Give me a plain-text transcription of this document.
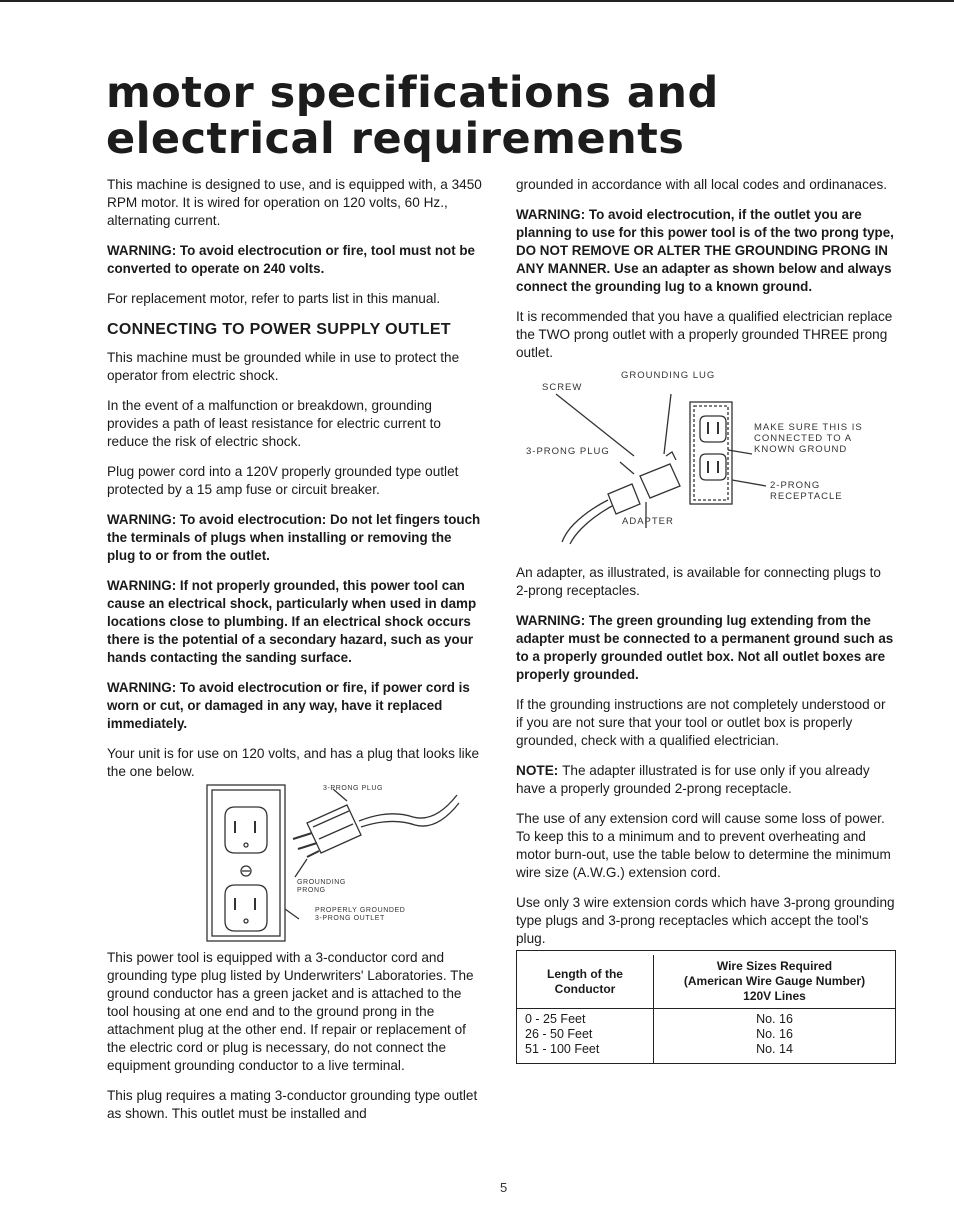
motor specifications and electrical requirements

This machine is designed to use, and is equipped with, a 3450 RPM motor. It is wired for operation on 120 volts, 60 Hz., alternating current.

WARNING: To avoid electrocution or fire, tool must not be converted to operate on 240 volts.

For replacement motor, refer to parts list in this manual.

CONNECTING TO POWER SUPPLY OUTLET

This machine must be grounded while in use to protect the operator from electric shock.

In the event of a malfunction or breakdown, grounding provides a path of least resistance for electric current to reduce the risk of electric shock.

Plug power cord into a 120V properly grounded type outlet protected by a 15 amp fuse or circuit breaker.

WARNING: To avoid electrocution: Do not let fingers touch the terminals of plugs when installing or removing the plug to or from the outlet.

WARNING: If not properly grounded, this power tool can cause an electrical shock, particularly when used in damp locations close to plumbing. If an electrical shock occurs there is the potential of a secondary hazard, such as your hands contacting the sanding surface.

WARNING: To avoid electrocution or fire, if power cord is worn or cut, or damaged in any way, have it replaced immediately.

Your unit is for use on 120 volts, and has a plug that looks like the one below.

3-PRONG PLUG
GROUNDING PRONG
PROPERLY GROUNDED 3-PRONG OUTLET

This power tool is equipped with a 3-conductor cord and grounding type plug listed by Underwriters' Laboratories. The ground conductor has a green jacket and is attached to the tool housing at one end and to the ground prong in the attachment plug at the other end. If repair or replacement of the electric cord or plug is necessary, do not connect the equipment grounding conductor to a live terminal.

This plug requires a mating 3-conductor grounding type outlet as shown. This outlet must be installed and

grounded in accordance with all local codes and ordinanaces.

WARNING: To avoid electrocution, if the outlet you are planning to use for this power tool is of the two prong type, DO NOT REMOVE OR ALTER THE GROUNDING PRONG IN ANY MANNER. Use an adapter as shown below and always connect the grounding lug to a known ground.

It is recommended that you have a qualified electrician replace the TWO prong outlet with a properly grounded THREE prong outlet.

GROUNDING LUG
SCREW
3-PRONG PLUG
MAKE SURE THIS IS CONNECTED TO A KNOWN GROUND
2-PRONG RECEPTACLE
ADAPTER

An adapter, as illustrated, is available for connecting plugs to 2-prong receptacles.

WARNING: The green grounding lug extending from the adapter must be connected to a permanent ground such as to a properly grounded outlet box. Not all outlet boxes are properly grounded.

If the grounding instructions are not completely understood or if you are not sure that your tool or outlet box is properly grounded, check with a qualified electrician.

NOTE: The adapter illustrated is for use only if you already have a properly grounded 2-prong receptacle.

The use of any extension cord will cause some loss of power. To keep this to a minimum and to prevent overheating and motor burn-out, use the table below to determine the minimum wire size (A.W.G.) extension cord.

Use only 3 wire extension cords which have 3-prong grounding type plugs and 3-prong receptacles which accept the tool's plug.

Length of the Conductor	Wire Sizes Required
(American Wire Gauge Number)
120V Lines

0 - 25 Feet	No. 16
26 - 50 Feet	No. 16
51 - 100 Feet	No. 14
5
